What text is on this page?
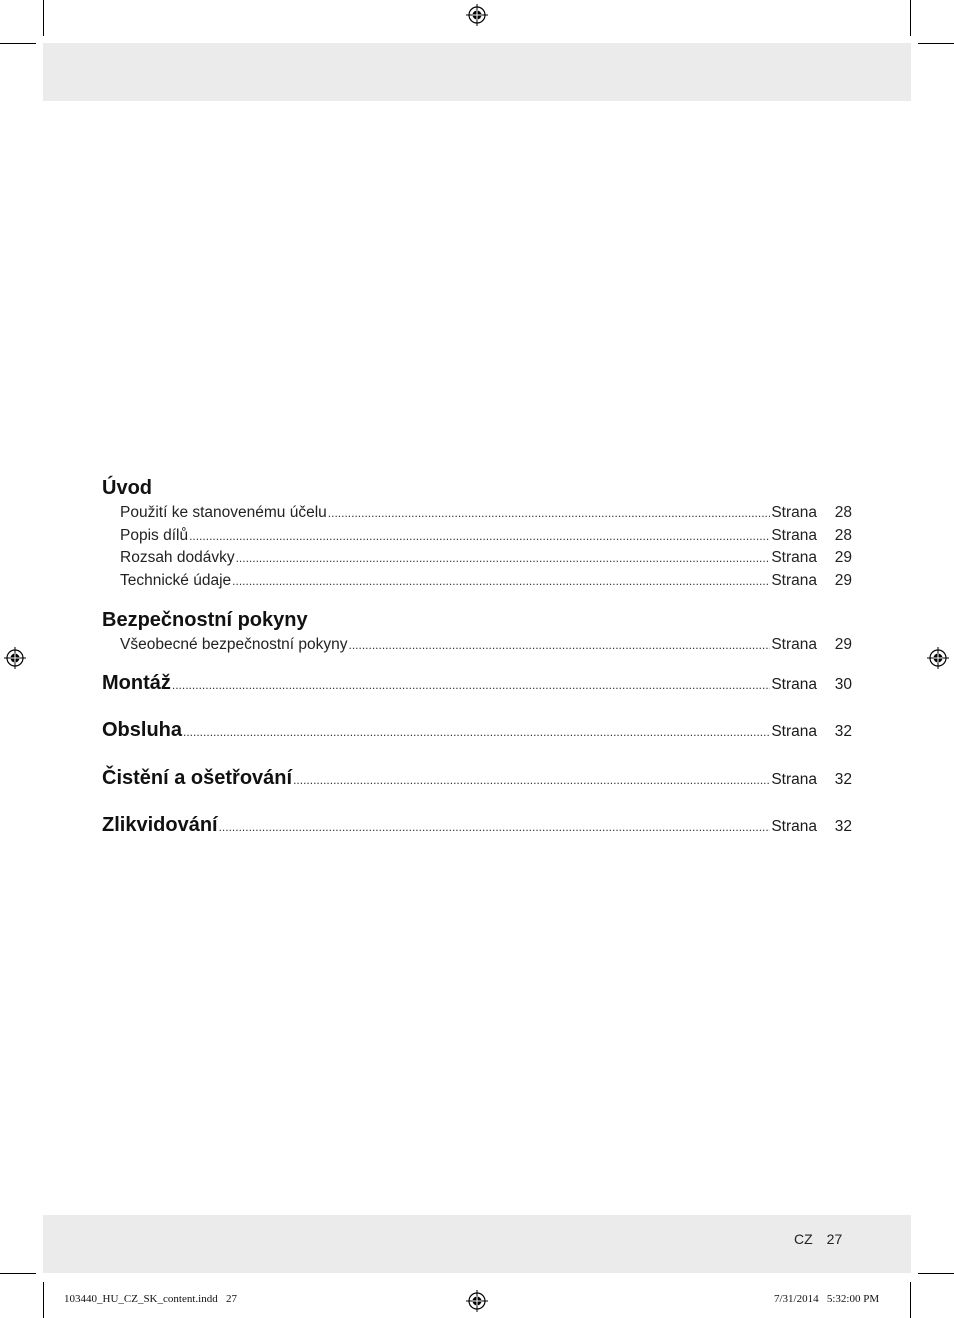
Úvod
Použití ke stanovenému účelu .....	Strana	28
Popis dílů .....	Strana	28
Rozsah dodávky .....	Strana	29
Technické údaje .....	Strana	29
Bezpečnostní pokyny
Všeobecné bezpečnostní pokyny .....	Strana	29
Montáž .....	Strana	30
Obsluha .....	Strana	32
Čistění a ošetřování .....	Strana	32
Zlikvidování .....	Strana	32
CZ 27
103440_HU_CZ_SK_content.indd   27	7/31/2014   5:32:00 PM
